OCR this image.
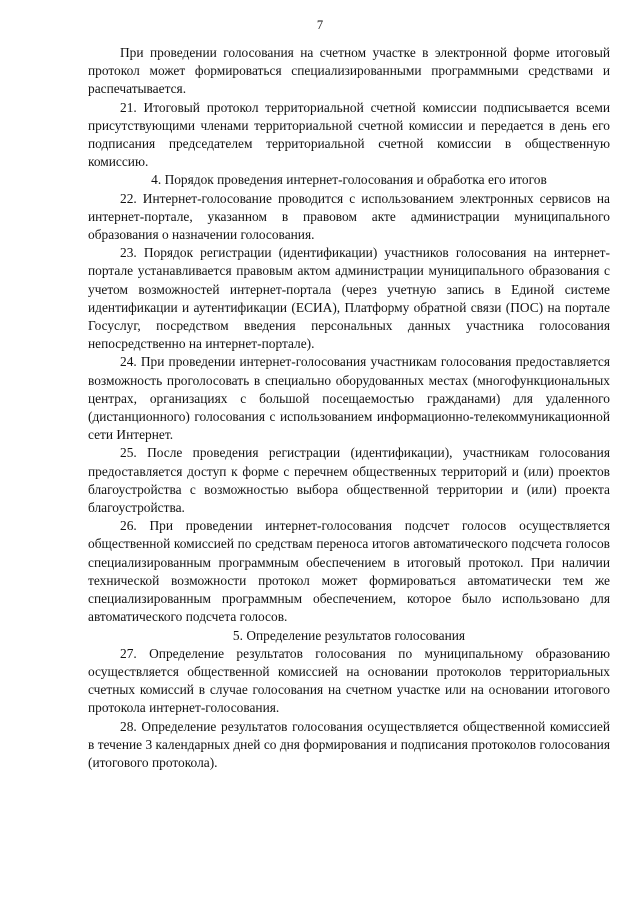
7

При проведении голосования на счетном участке в электронной форме итоговый протокол может формироваться специализированными программными средствами и распечатывается.

21. Итоговый протокол территориальной счетной комиссии подписывается всеми присутствующими членами территориальной счетной комиссии и передается в день его подписания председателем территориальной счетной комиссии в общественную комиссию.

4. Порядок проведения интернет-голосования и обработка его итогов

22. Интернет-голосование проводится с использованием электронных сервисов на интернет-портале, указанном в правовом акте администрации муниципального образования о назначении голосования.

23. Порядок регистрации (идентификации) участников голосования на интернет-портале устанавливается правовым актом администрации муниципального образования с учетом возможностей интернет-портала (через учетную запись в Единой системе идентификации и аутентификации (ЕСИА), Платформу обратной связи (ПОС) на портале Госуслуг, посредством введения персональных данных участника голосования непосредственно на интернет-портале).

24. При проведении интернет-голосования участникам голосования предоставляется возможность проголосовать в специально оборудованных местах (многофункциональных центрах, организациях с большой посещаемостью гражданами) для удаленного (дистанционного) голосования с использованием информационно-телекоммуникационной сети Интернет.

25. После проведения регистрации (идентификации), участникам голосования предоставляется доступ к форме с перечнем общественных территорий и (или) проектов благоустройства с возможностью выбора общественной территории и (или) проекта благоустройства.

26. При проведении интернет-голосования подсчет голосов осуществляется общественной комиссией по средствам переноса итогов автоматического подсчета голосов специализированным программным обеспечением в итоговый протокол. При наличии технической возможности протокол может формироваться автоматически тем же специализированным программным обеспечением, которое было использовано для автоматического подсчета голосов.

5. Определение результатов голосования

27. Определение результатов голосования по муниципальному образованию осуществляется общественной комиссией на основании протоколов территориальных счетных комиссий в случае голосования на счетном участке или на основании итогового протокола интернет-голосования.

28. Определение результатов голосования осуществляется общественной комиссией в течение 3 календарных дней со дня формирования и подписания протоколов голосования (итогового протокола).
